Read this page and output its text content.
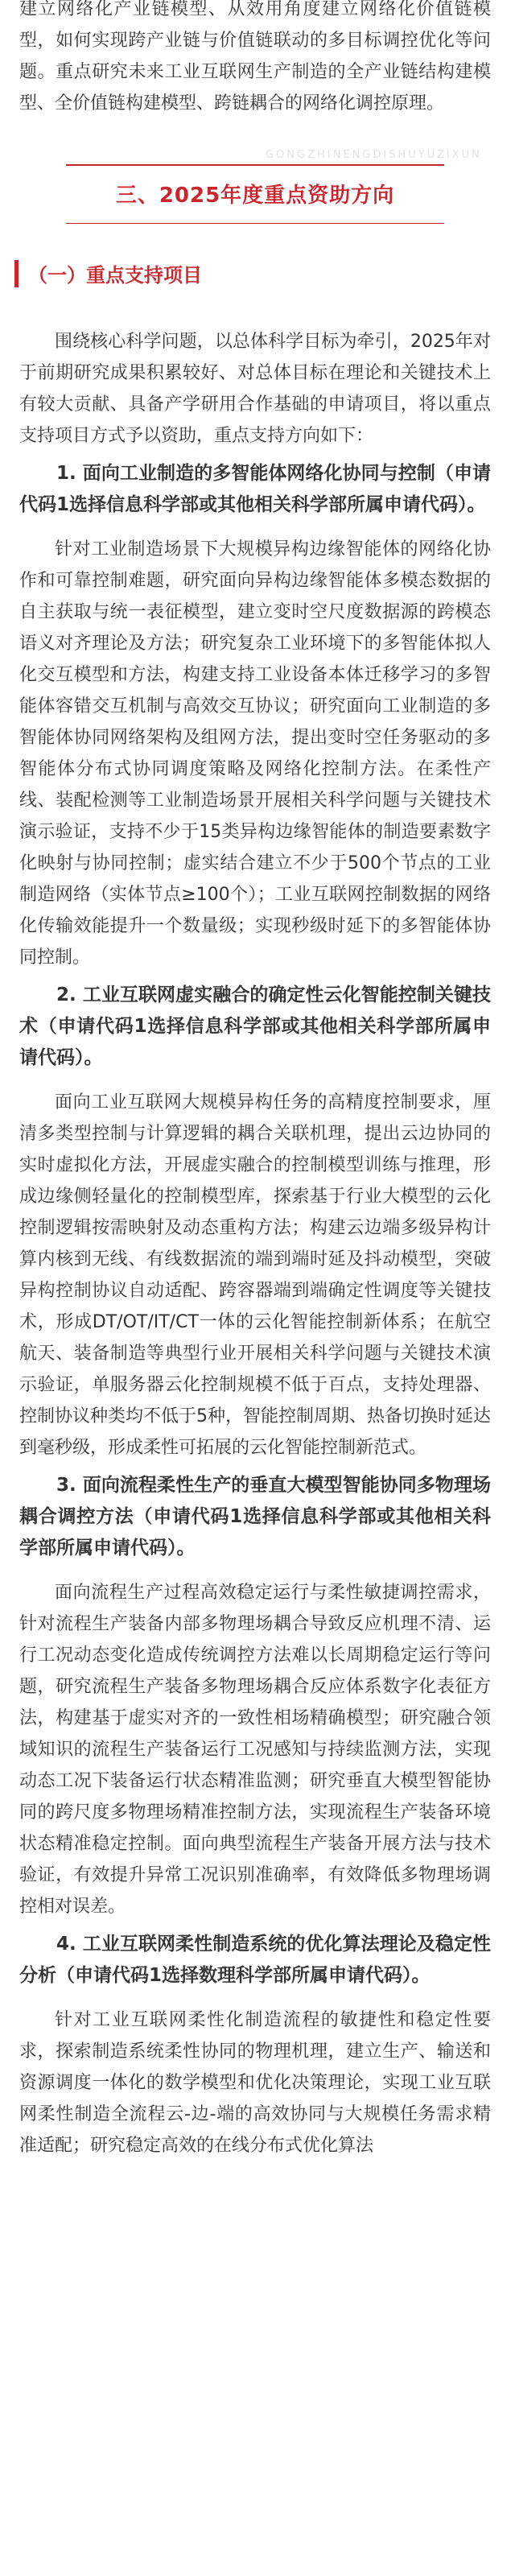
GONGZHINENGDISHUYUZIXUN

建立网络化产业链模型、从效用角度建立网络化价值链模型，如何实现跨产业链与价值链联动的多目标调控优化等问题。重点研究未来工业互联网生产制造的全产业链结构建模型、全价值链构建模型、跨链耦合的网络化调控原理。

三、2025年度重点资助方向
（一）重点支持项目

围绕核心科学问题，以总体科学目标为牵引，2025年对于前期研究成果积累较好、对总体目标在理论和关键技术上有较大贡献、具备产学研用合作基础的申请项目，将以重点支持项目方式予以资助，重点支持方向如下：

1. 面向工业制造的多智能体网络化协同与控制（申请代码1选择信息科学部或其他相关科学部所属申请代码）。

针对工业制造场景下大规模异构边缘智能体的网络化协作和可靠控制难题，研究面向异构边缘智能体多模态数据的自主获取与统一表征模型，建立变时空尺度数据源的跨模态语义对齐理论及方法；研究复杂工业环境下的多智能体拟人化交互模型和方法，构建支持工业设备本体迁移学习的多智能体容错交互机制与高效交互协议；研究面向工业制造的多智能体协同网络架构及组网方法，提出变时空任务驱动的多智能体分布式协同调度策略及网络化控制方法。在柔性产线、装配检测等工业制造场景开展相关科学问题与关键技术演示验证，支持不少于15类异构边缘智能体的制造要素数字化映射与协同控制；虚实结合建立不少于500个节点的工业制造网络（实体节点≥100个）；工业互联网控制数据的网络化传输效能提升一个数量级；实现秒级时延下的多智能体协同控制。

2. 工业互联网虚实融合的确定性云化智能控制关键技术（申请代码1选择信息科学部或其他相关科学部所属申请代码）。

面向工业互联网大规模异构任务的高精度控制要求，厘清多类型控制与计算逻辑的耦合关联机理，提出云边协同的实时虚拟化方法，开展虚实融合的控制模型训练与推理，形成边缘侧轻量化的控制模型库，探索基于行业大模型的云化控制逻辑按需映射及动态重构方法；构建云边端多级异构计算内核到无线、有线数据流的端到端时延及抖动模型，突破异构控制协议自动适配、跨容器端到端确定性调度等关键技术，形成DT/OT/IT/CT一体的云化智能控制新体系；在航空航天、装备制造等典型行业开展相关科学问题与关键技术演示验证，单服务器云化控制规模不低于百点，支持处理器、控制协议种类均不低于5种，智能控制周期、热备切换时延达到毫秒级，形成柔性可拓展的云化智能控制新范式。

3. 面向流程柔性生产的垂直大模型智能协同多物理场耦合调控方法（申请代码1选择信息科学部或其他相关科学部所属申请代码）。

面向流程生产过程高效稳定运行与柔性敏捷调控需求，针对流程生产装备内部多物理场耦合导致反应机理不清、运行工况动态变化造成传统调控方法难以长周期稳定运行等问题，研究流程生产装备多物理场耦合反应体系数字化表征方法，构建基于虚实对齐的一致性相场精确模型；研究融合领域知识的流程生产装备运行工况感知与持续监测方法，实现动态工况下装备运行状态精准监测；研究垂直大模型智能协同的跨尺度多物理场精准控制方法，实现流程生产装备环境状态精准稳定控制。面向典型流程生产装备开展方法与技术验证，有效提升异常工况识别准确率，有效降低多物理场调控相对误差。

4. 工业互联网柔性制造系统的优化算法理论及稳定性分析（申请代码1选择数理科学部所属申请代码）。

针对工业互联网柔性化制造流程的敏捷性和稳定性要求，探索制造系统柔性协同的物理机理，建立生产、输送和资源调度一体化的数学模型和优化决策理论，实现工业互联网柔性制造全流程云-边-端的高效协同与大规模任务需求精准适配；研究稳定高效的在线分布式优化算法
